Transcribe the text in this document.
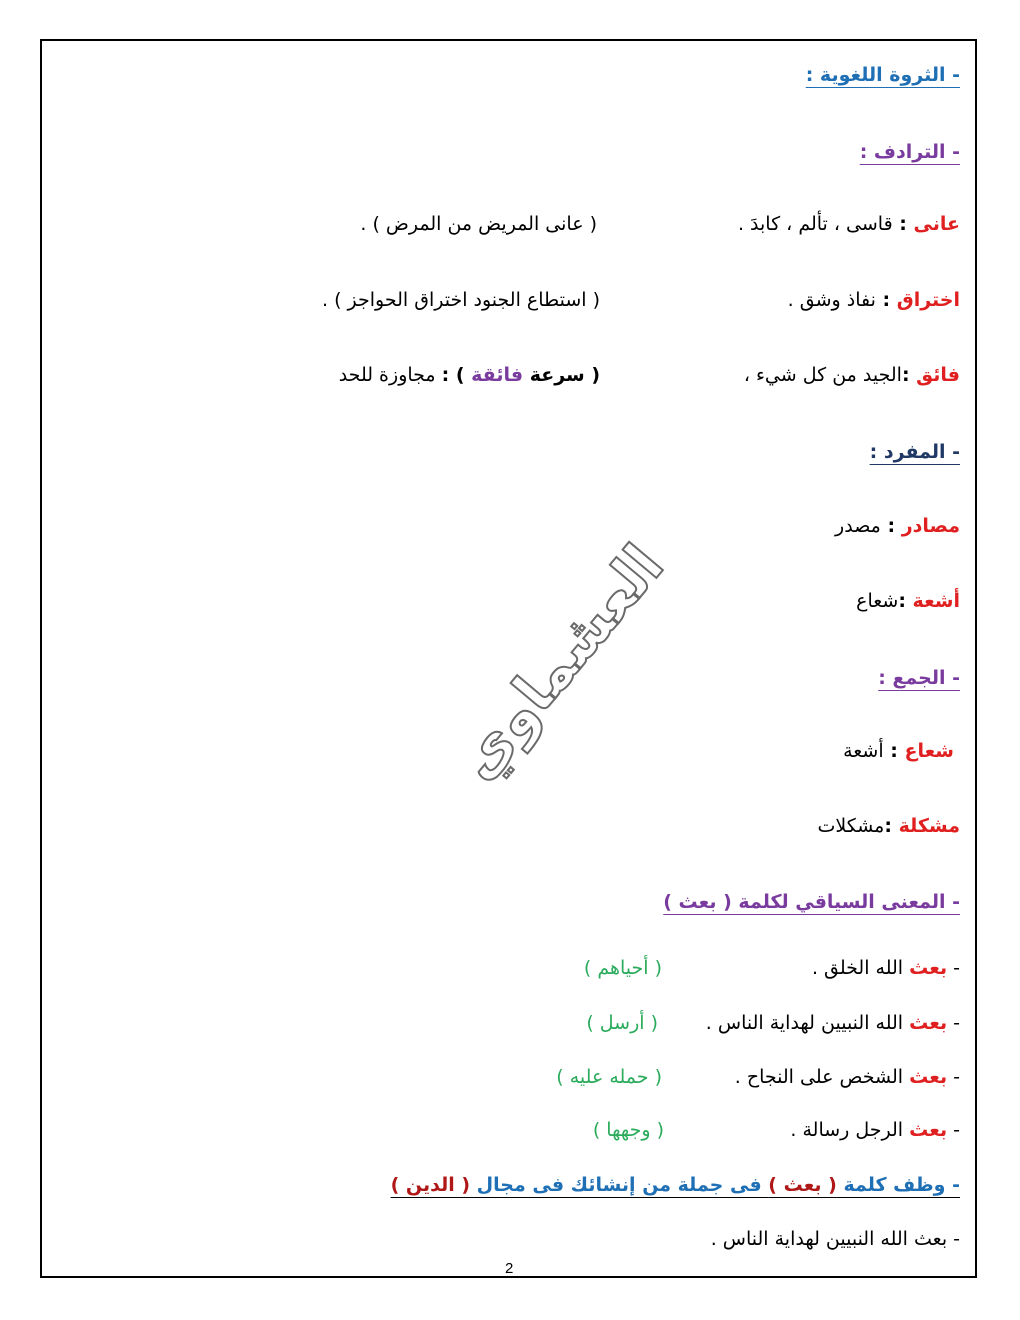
- الثروة اللغوية :
- الترادف :
عانى : قاسى ، تألم ، كابدَ .
( عانى المريض من المرض ) .
اختراق : نفاذ وشق .
( استطاع الجنود اختراق الحواجز ) .
فائق :الجيد من كل شيء ،
( سرعة فائقة ) : مجاوزة للحد
- المفرد :
مصادر : مصدر
أشعة :شعاع
- الجمع :
شعاع : أشعة
مشكلة :مشكلات
- المعنى السياقي لكلمة ( بعث )
- بعث الله الخلق .
( أحياهم )
- بعث الله النبيين لهداية الناس .
( أرسل )
- بعث الشخص على النجاح .
( حمله عليه )
- بعث الرجل رسالة .
( وجهها )
- وظف كلمة ( بعث ) فى جملة من إنشائك فى مجال ( الدين )
- بعث الله النبيين لهداية الناس .
العشماوي
2
